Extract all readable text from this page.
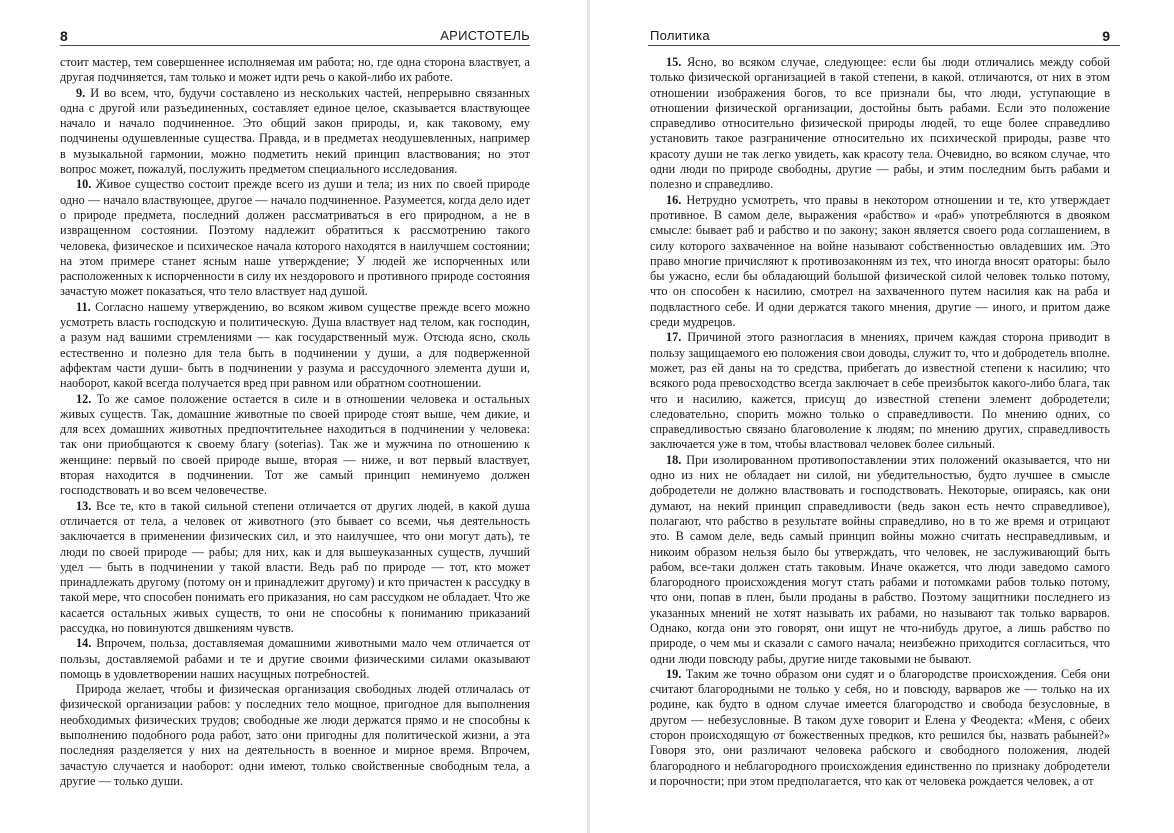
8	АРИСТОТЕЛЬ

стоит мастер, тем совершеннее исполняемая им работа; но, где одна сторона властвует, а другая подчиняется, там только и может идти речь о какой-либо их работе.

9. И во всем, что, будучи составлено из нескольких частей, непрерывно связанных одна с другой или разъединенных, составляет единое целое, сказывается властвующее начало и начало подчиненное. Это общий закон природы, и, как таковому, ему подчинены одушевленные существа. Правда, и в предметах неодушевленных, например в музыкальной гармонии, можно подметить некий принцип властвования; но этот вопрос может, пожалуй, послужить предметом специального исследования.

10. Живое существо состоит прежде всего из души и тела; из них по своей природе одно — начало властвующее, другое — начало подчиненное. Разумеется, когда дело идет о природе предмета, последний должен рассматриваться в его природном, а не в извращенном состоянии. Поэтому надлежит обратиться к рассмотрению такого человека, физическое и психическое начала которого находятся в наилучшем состоянии; на этом примере станет ясным наше утверждение; У людей же испорченных или расположенных к испорченности в силу их нездорового и противного природе состояния зачастую может показаться, что тело властвует над душой.

11. Согласно нашему утверждению, во всяком живом существе прежде всего можно усмотреть власть господскую и политическую. Душа властвует над телом, как господин, а разум над вашими стремлениями — как государственный муж. Отсюда ясно, сколь естественно и полезно для тела быть в подчинении у души, а для подверженной аффектам части души- быть в подчинении у разума и рассудочного элемента души и, наоборот, какой всегда получается вред при равном или обратном соотношении.

12. То же самое положение остается в силе и в отношении человека и остальных живых существ. Так, домашние животные по своей природе стоят выше, чем дикие, и для всех домашних животных предпочтительнее находиться в подчинении у человека: так они приобщаются к своему благу (soterias). Так же и мужчина по отношению к женщине: первый по своей природе выше, вторая — ниже, и вот первый властвует, вторая находится в подчинении. Тот же самый принцип неминуемо должен господствовать и во всем человечестве.

13. Все те, кто в такой сильной степени отличается от других людей, в какой душа отличается от тела, а человек от животного (это бывает со всеми, чья деятельность заключается в применении физических сил, и это наилучшее, что они могут дать), те люди по своей природе — рабы; для них, как и для вышеуказанных существ, лучший удел — быть в подчинении у такой власти. Ведь раб по природе — тот, кто может принадлежать другому (потому он и принадлежит другому) и кто причастен к рассудку в такой мере, что способен понимать его приказания, но сам рассудком не обладает. Что же касается остальных живых существ, то они не способны к пониманию приказаний рассудка, но повинуются двшкениям чувств.

14. Впрочем, польза, доставляемая домашними животными мало чем отличается от пользы, доставляемой рабами и те и другие своими физическими силами оказывают помощь в удовлетворении наших насущных потребностей.

Природа желает, чтобы и физическая организация свободных людей отличалась от физической организации рабов: у последних тело мощное, пригодное для выполнения необходимых физических трудов; свободные же люди держатся прямо и не способны к выполнению подобного рода работ, зато они пригодны для политической жизни, а эта последняя разделяется у них на деятельность в военное и мирное время. Впрочем, зачастую случается и наоборот: одни имеют, только свойственные свободным тела, а другие — только души.

Политика	9

15. Ясно, во всяком случае, следующее: если бы люди отличались между собой только физической организацией в такой степени, в какой. отличаются, от них в этом отношении изображения богов, то все признали бы, что люди, уступающие в отношении физической организации, достойны быть рабами. Если это положение справедливо относительно физической природы людей, то еще более справедливо установить такое разграничение относительно их психической природы, разве что красоту души не так легко увидеть, как красоту тела. Очевидно, во всяком случае, что одни люди по природе свободны, другие — рабы, и этим последним быть рабами и полезно и справедливо.

16. Нетрудно усмотреть, что правы в некотором отношении и те, кто утверждает противное. В самом деле, выражения «рабство» и «раб» употребляются в двояком смысле: бывает раб и рабство и по закону; закон является своего рода соглашением, в силу которого захваченное на войне называют собственностью овладевших им. Это право многие причисляют к противозаконням из тех, что иногда вносят ораторы: было бы ужасно, если бы обладающий большой физической силой человек только потому, что он способен к насилию, смотрел на захваченного путем насилия как на раба и подвластного себе. И одни держатся такого мнения, другие — иного, и притом даже среди мудрецов.

17. Причиной этого разногласия в мнениях, причем каждая сторона приводит в пользу защищаемого ею положения свои доводы, служит то, что и добродетель вполне. может, раз ей даны на то средства, прибегать до известной степени к насилию; что всякого рода превосходство всегда заключает в себе преизбыток какого-либо блага, так что и насилию, кажется, присущ до известной степени элемент добродетели; следовательно, спорить можно только о справедливости. По мнению одних, со справедливостью связано благоволение к людям; по мнению других, справедливость заключается уже в том, чтобы властвовал человек более сильный.

18. При изолированном противопоставлении этих положений оказывается, что ни одно из них не обладает ни силой, ни убедительностью, будто лучшее в смысле добродетели не должно властвовать и господствовать. Некоторые, опираясь, как они думают, на некий принцип справедливости (ведь закон есть нечто справедливое), полагают, что рабство в результате войны справедливо, но в то же время и отрицают это. В самом деле, ведь самый принцип войны можно считать несправедливым, и никоим образом нельзя было бы утверждать, что человек, не заслуживающий быть рабом, все-таки должен стать таковым. Иначе окажется, что люди заведомо самого благородного происхождения могут стать рабами и потомками рабов только потому, что они, попав в плен, были проданы в рабство. Поэтому защитники последнего из указанных мнений не хотят называть их рабами, но называют так только варваров. Однако, когда они это говорят, они ищут не что-нибудь другое, а лишь рабство по природе, о чем мы и сказали с самого начала; неизбежно приходится согласиться, что одни люди повсюду рабы, другие нигде таковыми не бывают.

19. Таким же точно образом они судят и о благородстве происхождения. Себя они считают благородными не только у себя, но и повсюду, варваров же — только на их родине, как будто в одном случае имеется благородство и свобода безусловные, в другом — небезусловные. В таком духе говорит и Елена у Феодекта: «Меня, с обеих сторон происходящую от божественных предков, кто решился бы, назвать рабыней?» Говоря это, они различают человека рабского и свободного положения, людей благородного и неблагородного происхождения единственно по признаку добродетели и порочности; при этом предполагается, что как от человека рождается человек, а от
